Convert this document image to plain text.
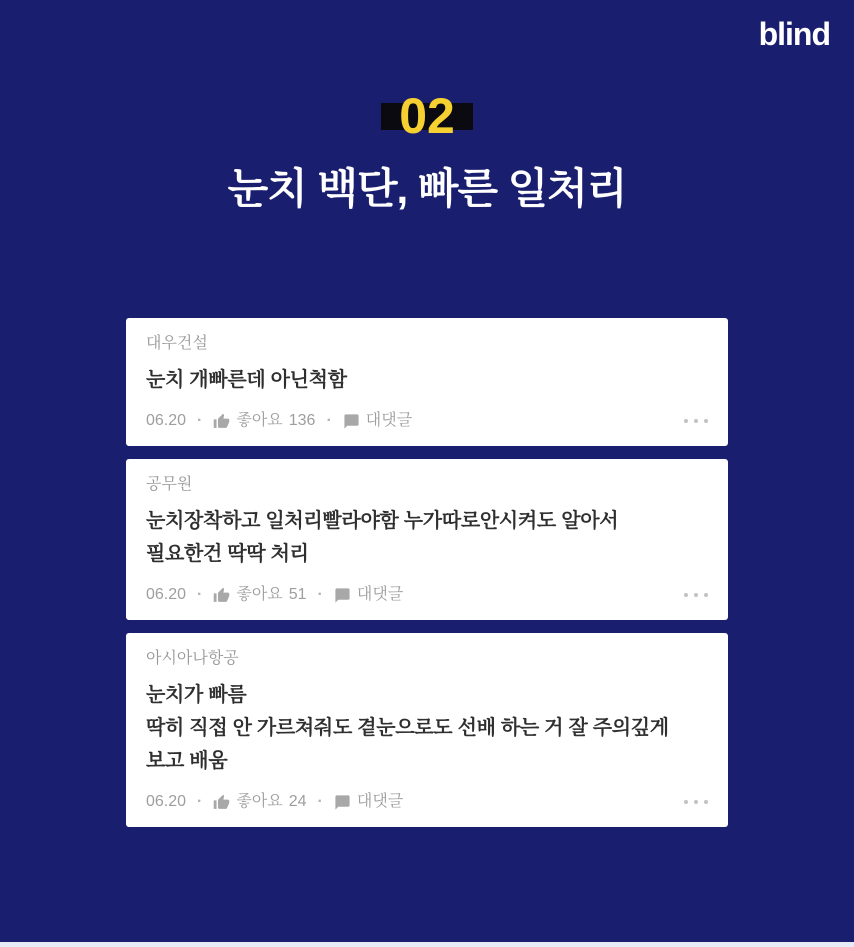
blind
02
눈치 백단, 빠른 일처리
대우건설
눈치 개빠른데 아닌척함
06.20 · 좋아요 136 · 대댓글
공무원
눈치장착하고 일처리빨라야함 누가따로안시켜도 알아서
필요한건 딱딱 처리
06.20 · 좋아요 51 · 대댓글
아시아나항공
눈치가 빠름
딱히 직접 안 가르쳐줘도 곁눈으로도 선배 하는 거 잘 주의깊게
보고 배움
06.20 · 좋아요 24 · 대댓글
